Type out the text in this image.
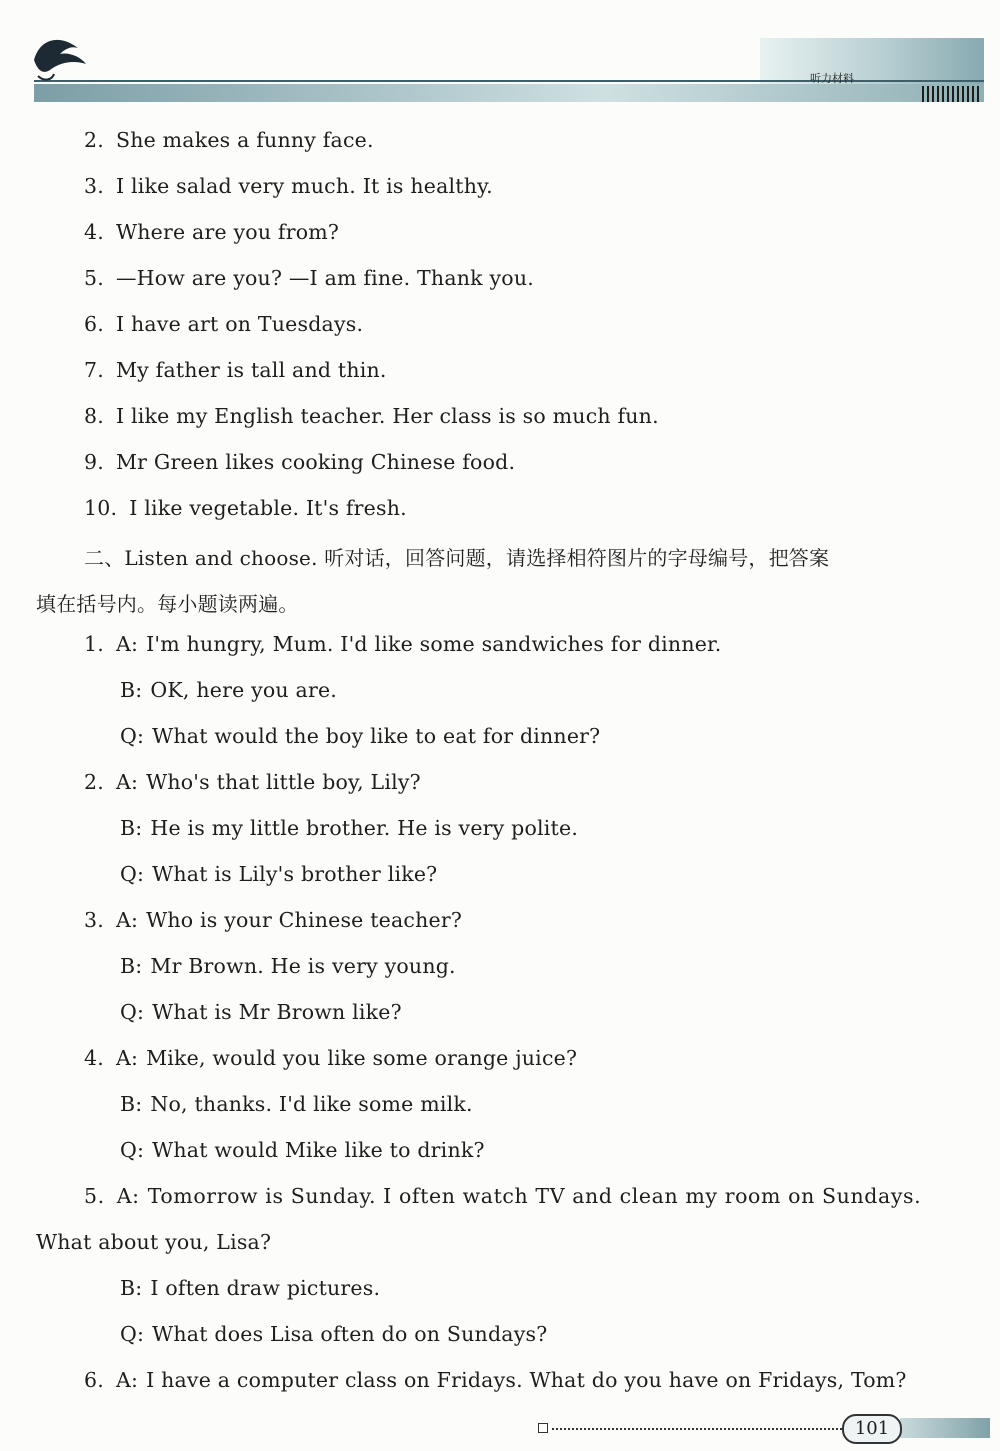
听力材料
2. She makes a funny face.
3. I like salad very much. It is healthy.
4. Where are you from?
5. —How are you? —I am fine. Thank you.
6. I have art on Tuesdays.
7. My father is tall and thin.
8. I like my English teacher. Her class is so much fun.
9. Mr Green likes cooking Chinese food.
10. I like vegetable. It's fresh.
二、Listen and choose. 听对话，回答问题，请选择相符图片的字母编号，把答案
填在括号内。每小题读两遍。
1. A: I'm hungry, Mum. I'd like some sandwiches for dinner.
B: OK, here you are.
Q: What would the boy like to eat for dinner?
2. A: Who's that little boy, Lily?
B: He is my little brother. He is very polite.
Q: What is Lily's brother like?
3. A: Who is your Chinese teacher?
B: Mr Brown. He is very young.
Q: What is Mr Brown like?
4. A: Mike, would you like some orange juice?
B: No, thanks. I'd like some milk.
Q: What would Mike like to drink?
5. A: Tomorrow is Sunday. I often watch TV and clean my room on Sundays.
What about you, Lisa?
B: I often draw pictures.
Q: What does Lisa often do on Sundays?
6. A: I have a computer class on Fridays. What do you have on Fridays, Tom?
101
